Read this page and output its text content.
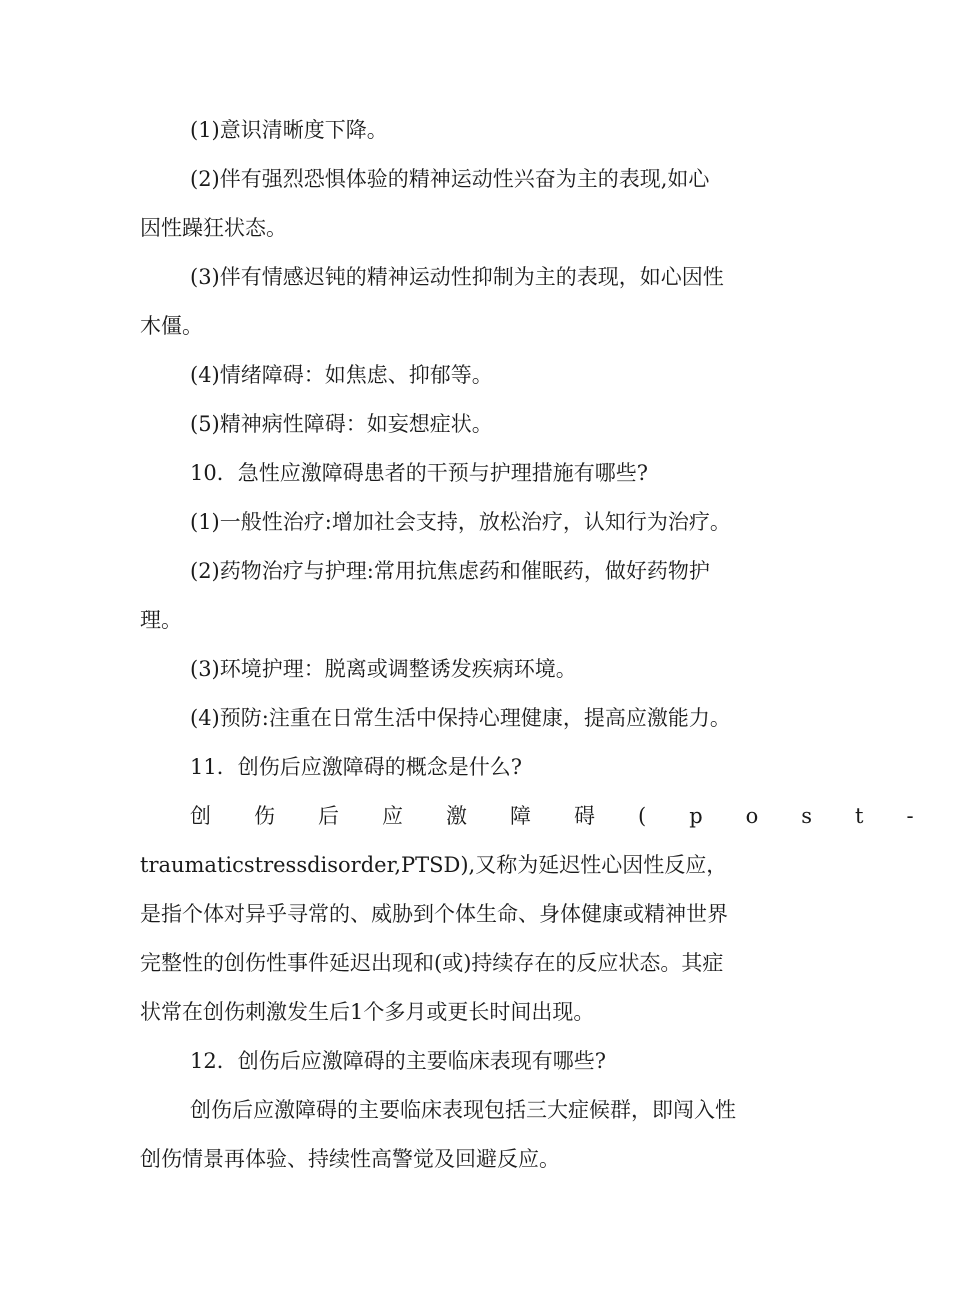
(1)意识清晰度下降。

(2)伴有强烈恐惧体验的精神运动性兴奋为主的表现,如心
因性躁狂状态。

(3)伴有情感迟钝的精神运动性抑制为主的表现，如心因性
木僵。

(4)情绪障碍：如焦虑、抑郁等。

(5)精神病性障碍：如妄想症状。

10．急性应激障碍患者的干预与护理措施有哪些?

(1)一般性治疗:增加社会支持，放松治疗，认知行为治疗。

(2)药物治疗与护理:常用抗焦虑药和催眠药，做好药物护
理。

(3)环境护理：脱离或调整诱发疾病环境。

(4)预防:注重在日常生活中保持心理健康，提高应激能力。

11．创伤后应激障碍的概念是什么?

创伤后应激障碍(post-
traumaticstressdisorder,PTSD),又称为延迟性心因性反应，
是指个体对异乎寻常的、威胁到个体生命、身体健康或精神世界
完整性的创伤性事件延迟出现和(或)持续存在的反应状态。其症
状常在创伤刺激发生后1个多月或更长时间出现。

12．创伤后应激障碍的主要临床表现有哪些?

创伤后应激障碍的主要临床表现包括三大症候群，即闯入性
创伤情景再体验、持续性高警觉及回避反应。
